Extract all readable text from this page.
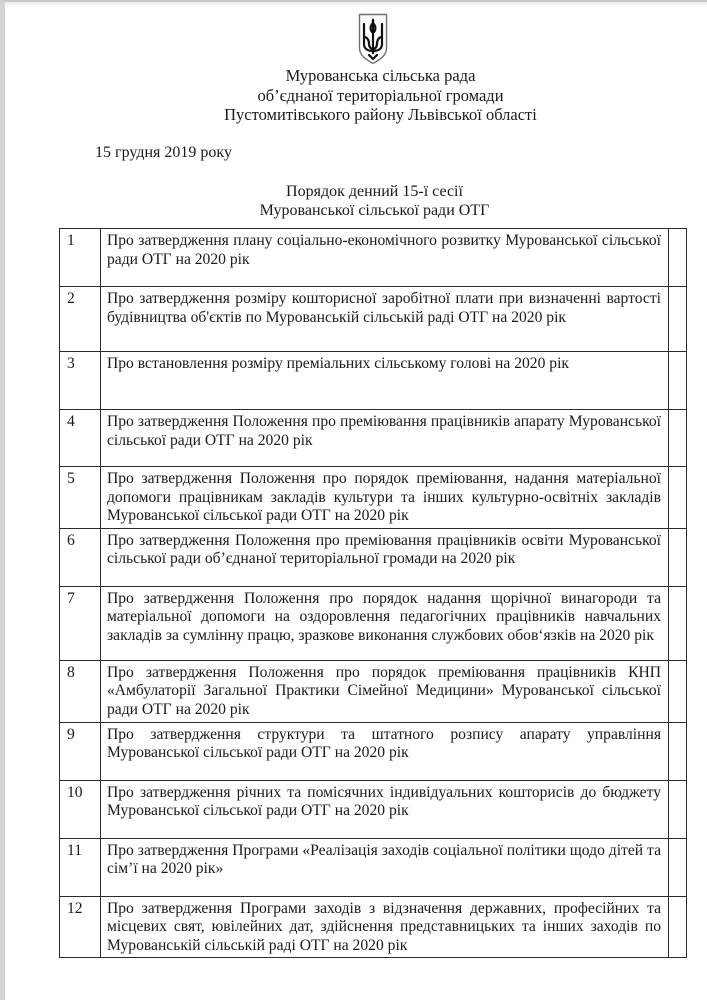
Мурованська сільська рада
об’єднаної територіальної громади
Пустомитівського району Львівської області
15 грудня 2019 року
Порядок денний 15-ї сесії
Мурованської сільської ради ОТГ
1	Про затвердження плану соціально-економічного розвитку Мурованської сільської ради ОТГ на 2020 рік	
2	Про затвердження розміру кошторисної заробітної плати при визначенні вартості будівництва об'єктів по Мурованській сільській раді ОТГ на 2020 рік	
3	Про встановлення розміру преміальних сільському голові на 2020 рік	
4	Про затвердження Положення про преміювання працівників апарату Мурованської сільської ради ОТГ на 2020 рік	
5	Про затвердження Положення про порядок преміювання, надання матеріальної допомоги працівникам закладів культури та інших культурно-освітніх закладів Мурованської сільської ради ОТГ на 2020 рік	
6	Про затвердження Положення про преміювання працівників освіти Мурованської сільської ради об’єднаної територіальної громади на 2020 рік	
7	Про затвердження Положення про порядок надання щорічної винагороди та матеріальної допомоги на оздоровлення педагогічних працівників навчальних закладів за сумлінну працю, зразкове виконання службових обов‘язків на 2020 рік	
8	Про затвердження Положення про порядок преміювання працівників КНП «Амбулаторії Загальної Практики Сімейної Медицини» Мурованської сільської ради ОТГ на 2020 рік	
9	Про затвердження структури та штатного розпису апарату управління Мурованської сільської ради ОТГ на 2020 рік	
10	Про затвердження річних та помісячних індивідуальних кошторисів до бюджету Мурованської сільської ради ОТГ на 2020 рік	
11	Про затвердження Програми «Реалізація заходів соціальної політики щодо дітей та сім’ї на 2020 рік»	
12	Про затвердження Програми заходів з відзначення державних, професійних та місцевих свят, ювілейних дат, здійснення представницьких та інших заходів по Мурованській сільській раді ОТГ на 2020 рік	
